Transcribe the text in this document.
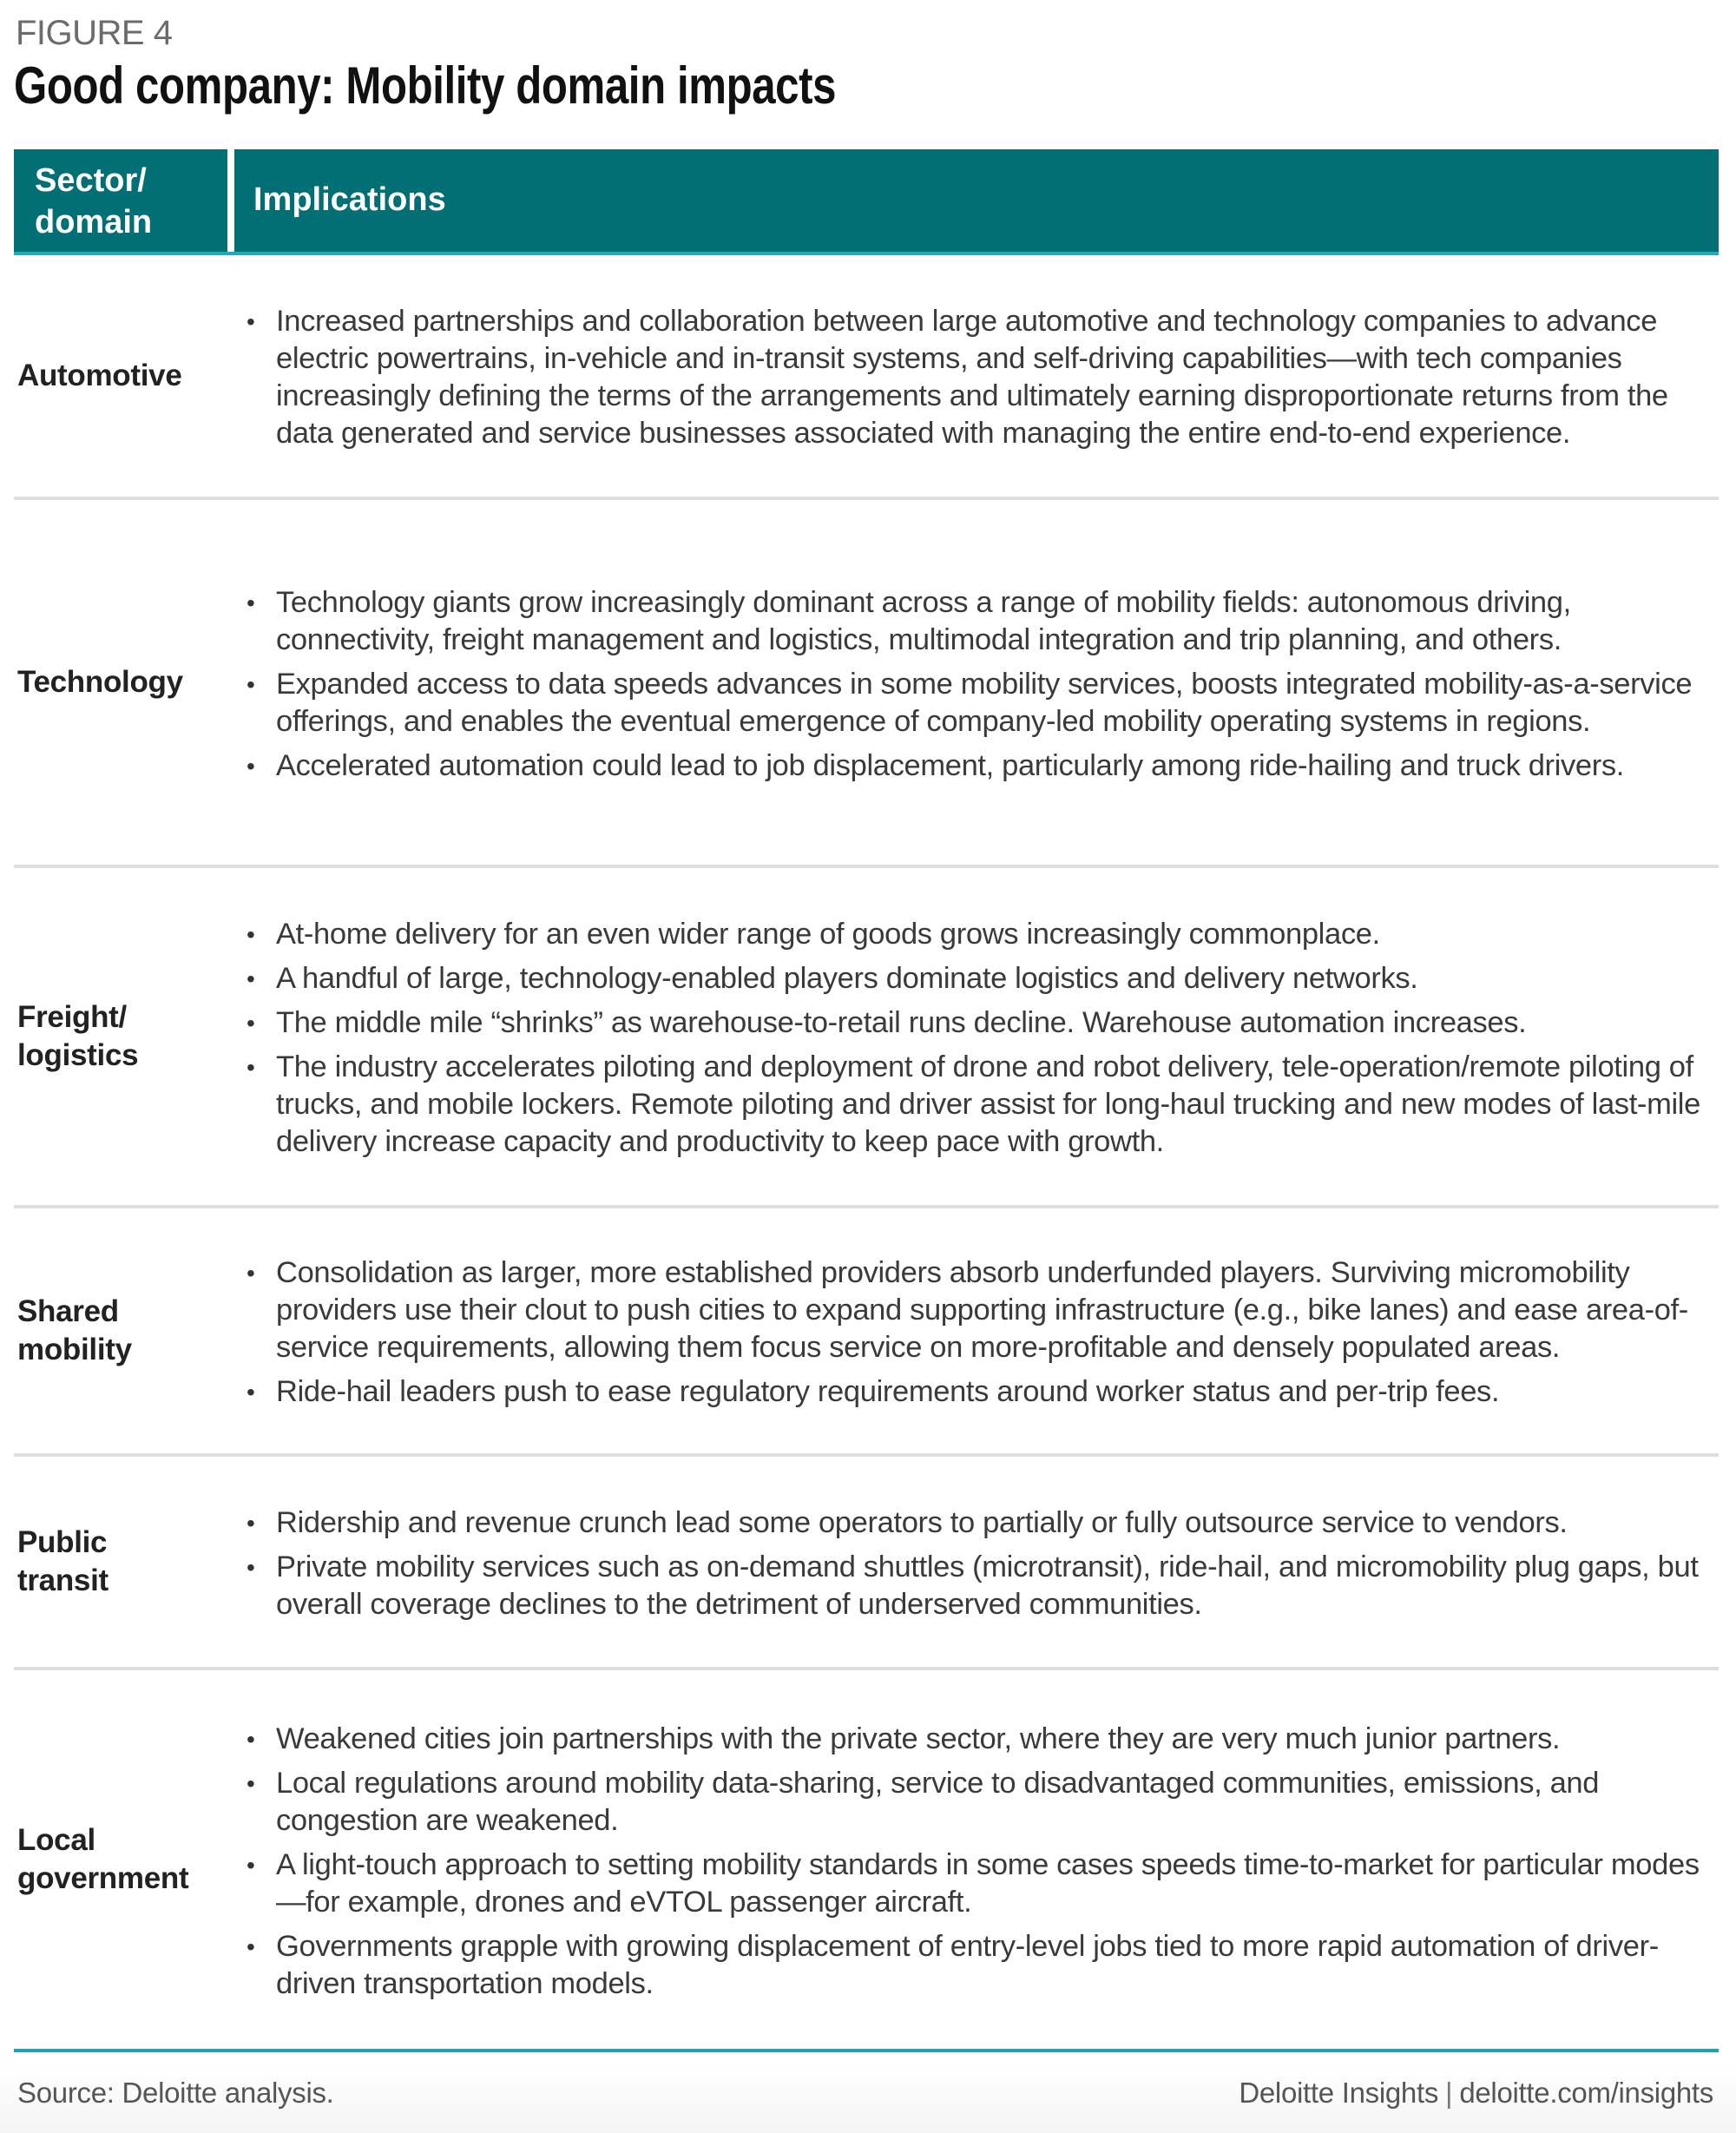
FIGURE 4
Good company: Mobility domain impacts
Sector/
domain
Implications
Automotive
• Increased partnerships and collaboration between large automotive and technology companies to advance electric powertrains, in-vehicle and in-transit systems, and self-driving capabilities—with tech companies increasingly defining the terms of the arrangements and ultimately earning disproportionate returns from the data generated and service businesses associated with managing the entire end-to-end experience.
Technology
• Technology giants grow increasingly dominant across a range of mobility fields: autonomous driving, connectivity, freight management and logistics, multimodal integration and trip planning, and others.
• Expanded access to data speeds advances in some mobility services, boosts integrated mobility-as-a-service offerings, and enables the eventual emergence of company-led mobility operating systems in regions.
• Accelerated automation could lead to job displacement, particularly among ride-hailing and truck drivers.
Freight/
logistics
• At-home delivery for an even wider range of goods grows increasingly commonplace.
• A handful of large, technology-enabled players dominate logistics and delivery networks.
• The middle mile “shrinks” as warehouse-to-retail runs decline. Warehouse automation increases.
• The industry accelerates piloting and deployment of drone and robot delivery, tele-operation/remote piloting of trucks, and mobile lockers. Remote piloting and driver assist for long-haul trucking and new modes of last-mile delivery increase capacity and productivity to keep pace with growth.
Shared
mobility
• Consolidation as larger, more established providers absorb underfunded players. Surviving micromobility providers use their clout to push cities to expand supporting infrastructure (e.g., bike lanes) and ease area-of-service requirements, allowing them focus service on more-profitable and densely populated areas.
• Ride-hail leaders push to ease regulatory requirements around worker status and per-trip fees.
Public
transit
• Ridership and revenue crunch lead some operators to partially or fully outsource service to vendors.
• Private mobility services such as on-demand shuttles (microtransit), ride-hail, and micromobility plug gaps, but overall coverage declines to the detriment of underserved communities.
Local
government
• Weakened cities join partnerships with the private sector, where they are very much junior partners.
• Local regulations around mobility data-sharing, service to disadvantaged communities, emissions, and congestion are weakened.
• A light-touch approach to setting mobility standards in some cases speeds time-to-market for particular modes—for example, drones and eVTOL passenger aircraft.
• Governments grapple with growing displacement of entry-level jobs tied to more rapid automation of driver-driven transportation models.
Source: Deloitte analysis.	Deloitte Insights | deloitte.com/insights
